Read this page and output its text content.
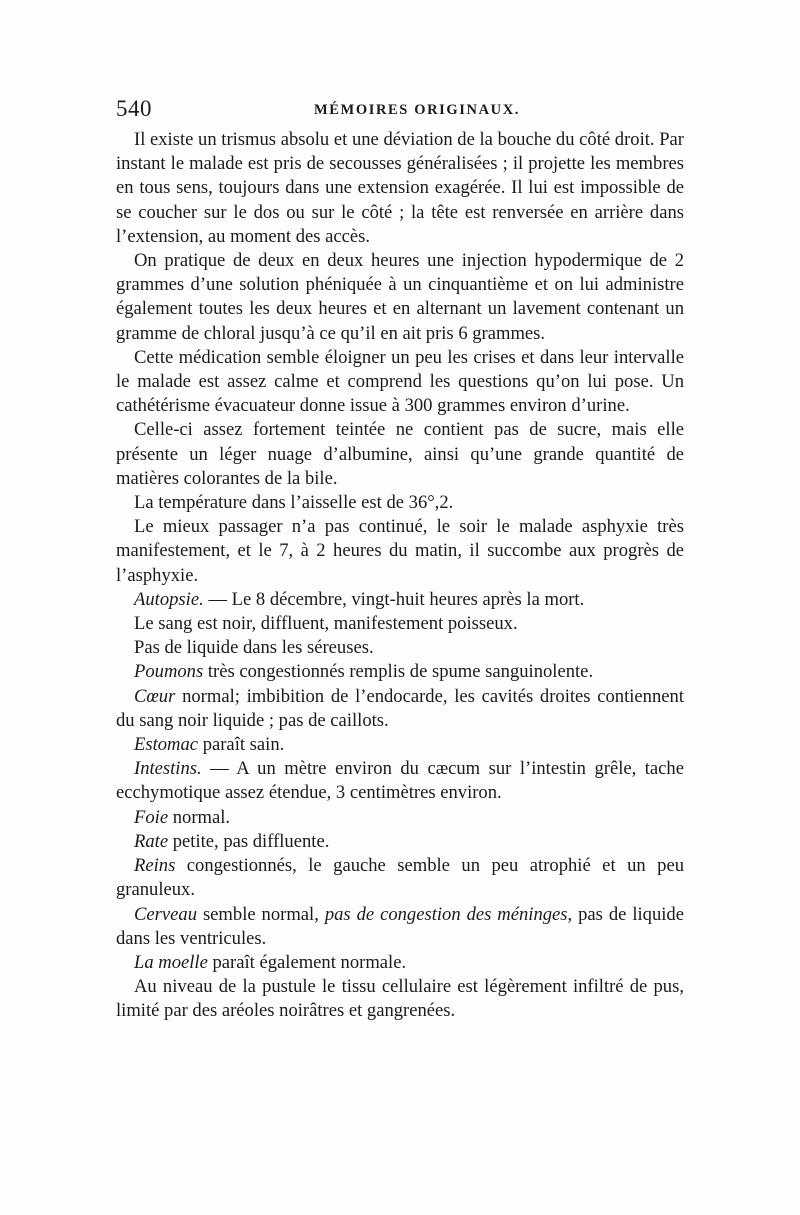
540	MÉMOIRES ORIGINAUX.

Il existe un trismus absolu et une déviation de la bouche du côté droit. Par instant le malade est pris de secousses généralisées ; il projette les membres en tous sens, toujours dans une extension exagérée. Il lui est impossible de se coucher sur le dos ou sur le côté ; la tête est renversée en arrière dans l’extension, au moment des accès.

On pratique de deux en deux heures une injection hypodermique de 2 grammes d’une solution phéniquée à un cinquantième et on lui administre également toutes les deux heures et en alternant un lavement contenant un gramme de chloral jusqu’à ce qu’il en ait pris 6 grammes.

Cette médication semble éloigner un peu les crises et dans leur intervalle le malade est assez calme et comprend les questions qu’on lui pose. Un cathétérisme évacuateur donne issue à 300 grammes environ d’urine.

Celle-ci assez fortement teintée ne contient pas de sucre, mais elle présente un léger nuage d’albumine, ainsi qu’une grande quantité de matières colorantes de la bile.

La température dans l’aisselle est de 36°,2.

Le mieux passager n’a pas continué, le soir le malade asphyxie très manifestement, et le 7, à 2 heures du matin, il succombe aux progrès de l’asphyxie.

Autopsie. — Le 8 décembre, vingt-huit heures après la mort.

Le sang est noir, diffluent, manifestement poisseux.

Pas de liquide dans les séreuses.

Poumons très congestionnés remplis de spume sanguinolente.

Cœur normal; imbibition de l’endocarde, les cavités droites contiennent du sang noir liquide ; pas de caillots.

Estomac paraît sain.

Intestins. — A un mètre environ du cæcum sur l’intestin grêle, tache ecchymotique assez étendue, 3 centimètres environ.

Foie normal.

Rate petite, pas diffluente.

Reins congestionnés, le gauche semble un peu atrophié et un peu granuleux.

Cerveau semble normal, pas de congestion des méninges, pas de liquide dans les ventricules.

La moelle paraît également normale.

Au niveau de la pustule le tissu cellulaire est légèrement infiltré de pus, limité par des aréoles noirâtres et gangrenées.
